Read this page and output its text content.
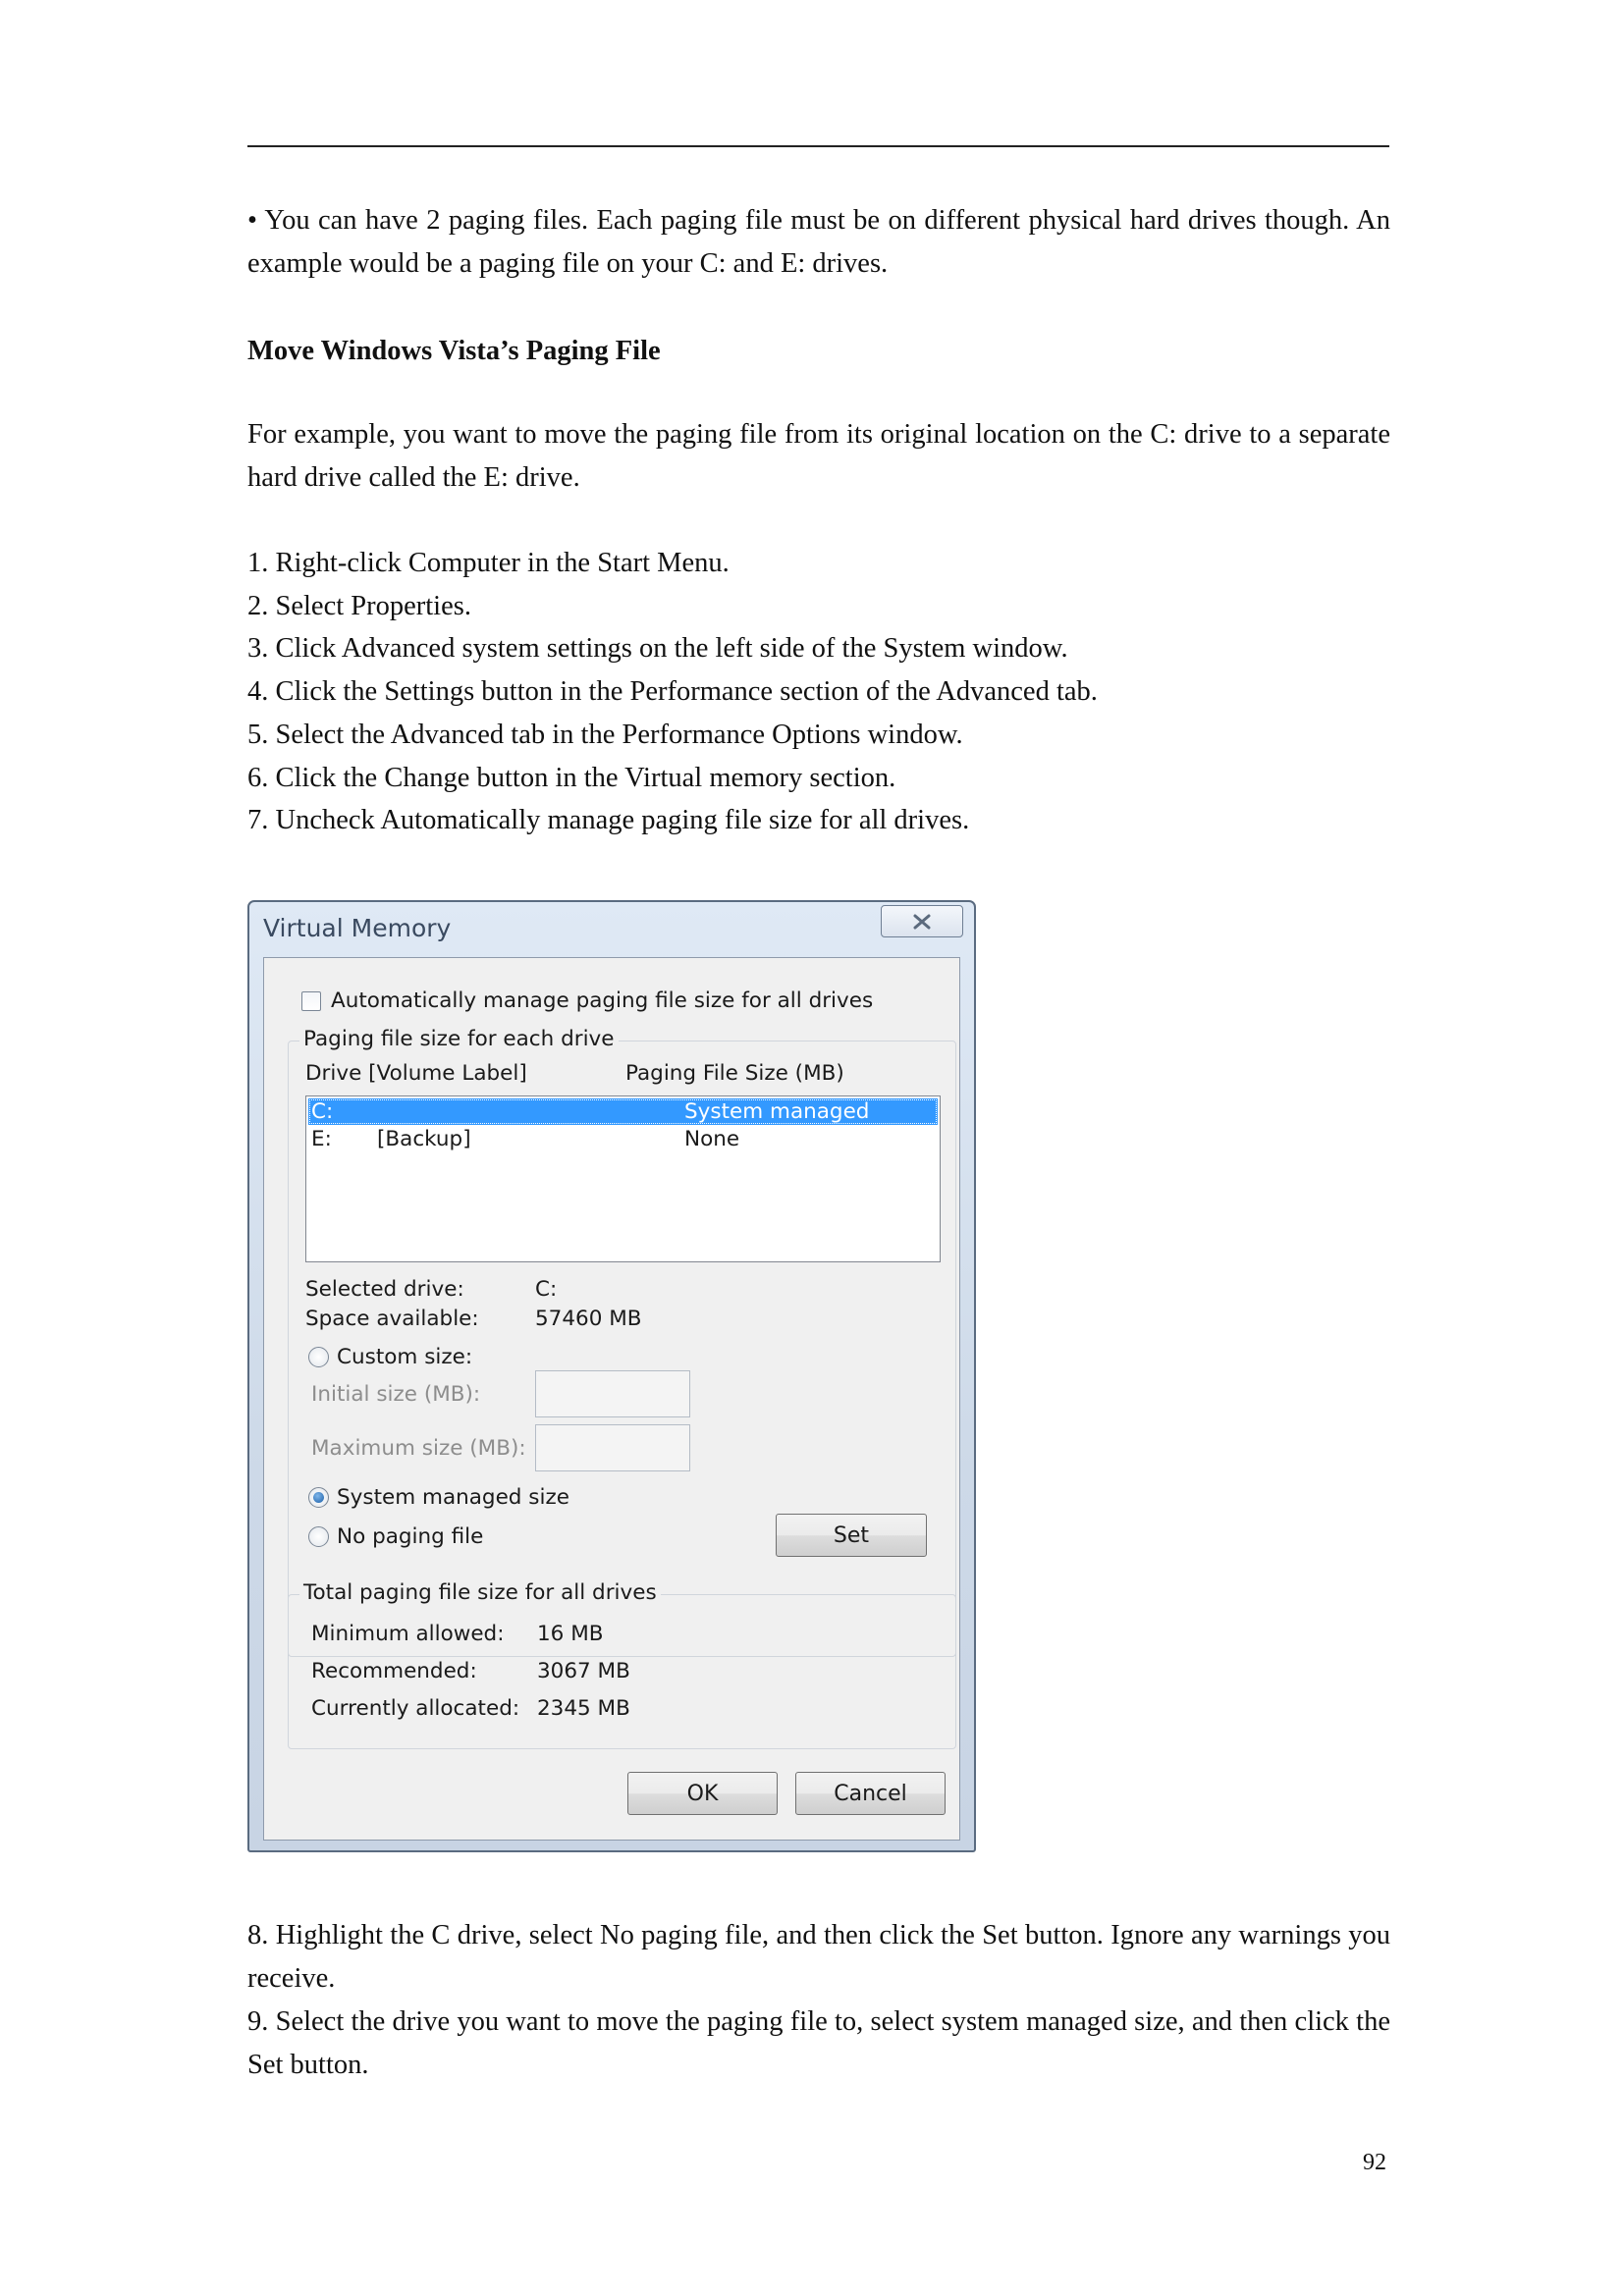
• You can have 2 paging files. Each paging file must be on different physical hard drives though. An example would be a paging file on your C: and E: drives.

Move Windows Vista’s Paging File

For example, you want to move the paging file from its original location on the C: drive to a separate hard drive called the E: drive.

1. Right-click Computer in the Start Menu.
2. Select Properties.
3. Click Advanced system settings on the left side of the System window.
4. Click the Settings button in the Performance section of the Advanced tab.
5. Select the Advanced tab in the Performance Options window.
6. Click the Change button in the Virtual memory section.
7. Uncheck Automatically manage paging file size for all drives.
Virtual Memory
Automatically manage paging file size for all drives
Paging file size for each drive
Drive [Volume Label]	Paging File Size (MB)
C:	System managed
E: [Backup]	None
Selected drive:	C:
Space available:	57460 MB
Custom size:
Initial size (MB):
Maximum size (MB):
System managed size
No paging file	Set
Total paging file size for all drives
Minimum allowed: 16 MB
Recommended:	3067 MB
Currently allocated: 2345 MB
OK	Cancel

8. Highlight the C drive, select No paging file, and then click the Set button. Ignore any warnings you receive.

9. Select the drive you want to move the paging file to, select system managed size, and then click the Set button.

92
